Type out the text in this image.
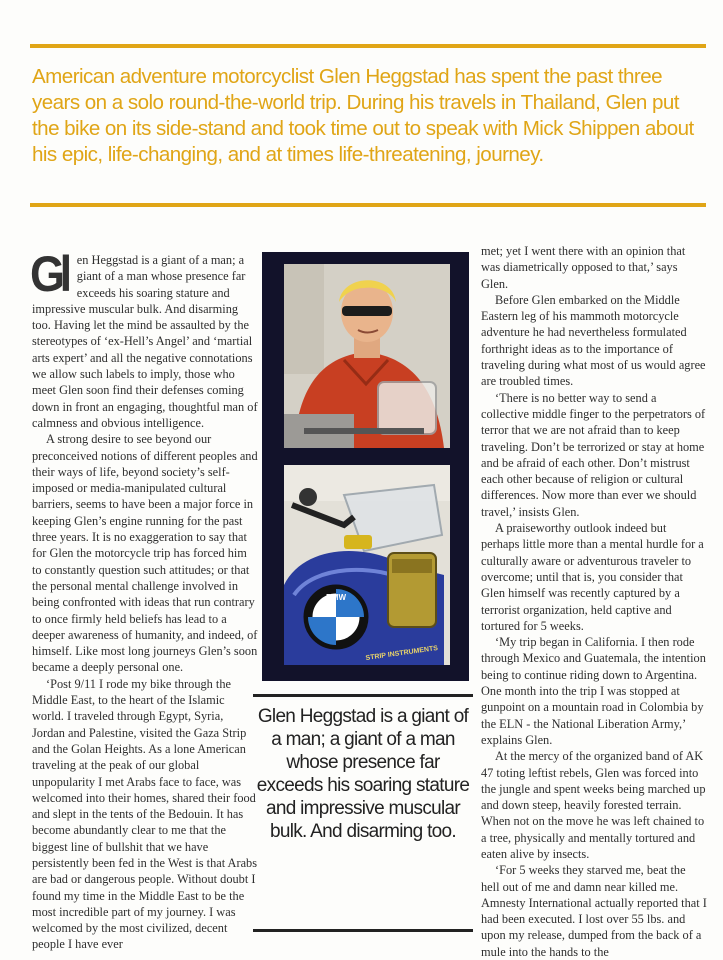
American adventure motorcyclist Glen Heggstad has spent the past three years on a solo round-the-world trip. During his travels in Thailand, Glen put the bike on its side-stand and took time out to speak with Mick Shippen about his epic, life-changing, and at times life-threatening, journey.

Gl en Heggstad is a giant of a man; a giant of a man whose presence far exceeds his soaring stature and impressive muscular bulk. And disarming too. Having let the mind be assaulted by the stereotypes of ‘ex-Hell’s Angel’ and ‘martial arts expert’ and all the negative connotations we allow such labels to imply, those who meet Glen soon find their defenses coming down in front an engaging, thoughtful man of calmness and obvious intelligence.

A strong desire to see beyond our preconceived notions of different peoples and their ways of life, beyond society’s self-imposed or media-manipulated cultural barriers, seems to have been a major force in keeping Glen’s engine running for the past three years. It is no exaggeration to say that for Glen the motorcycle trip has forced him to constantly question such attitudes; or that the personal mental challenge involved in being confronted with ideas that run contrary to once firmly held beliefs has lead to a deeper awareness of humanity, and indeed, of himself. Like most long journeys Glen’s soon became a deeply personal one.

‘Post 9/11 I rode my bike through the Middle East, to the heart of the Islamic world. I traveled through Egypt, Syria, Jordan and Palestine, visited the Gaza Strip and the Golan Heights. As a lone American traveling at the peak of our global unpopularity I met Arabs face to face, was welcomed into their homes, shared their food and slept in the tents of the Bedouin. It has become abundantly clear to me that the biggest line of bullshit that we have persistently been fed in the West is that Arabs are bad or dangerous people. Without doubt I found my time in the Middle East to be the most incredible part of my journey. I was welcomed by the most civilized, decent people I have ever

BMW
STRIP INSTRUMENTS

Glen Heggstad is a giant of a man; a giant of a man whose presence far exceeds his soaring stature and impressive muscular bulk. And disarming too.

met; yet I went there with an opinion that was diametrically opposed to that,’ says Glen.

Before Glen embarked on the Middle Eastern leg of his mammoth motorcycle adventure he had nevertheless formulated forthright ideas as to the importance of traveling during what most of us would agree are troubled times.

‘There is no better way to send a collective middle finger to the perpetrators of terror that we are not afraid than to keep traveling. Don’t be terrorized or stay at home and be afraid of each other. Don’t mistrust each other because of religion or cultural differences. Now more than ever we should travel,’ insists Glen.

A praiseworthy outlook indeed but perhaps little more than a mental hurdle for a culturally aware or adventurous traveler to overcome; until that is, you consider that Glen himself was recently captured by a terrorist organization, held captive and tortured for 5 weeks.

‘My trip began in California. I then rode through Mexico and Guatemala, the intention being to continue riding down to Argentina. One month into the trip I was stopped at gunpoint on a mountain road in Colombia by the ELN - the National Liberation Army,’ explains Glen.

At the mercy of the organized band of AK 47 toting leftist rebels, Glen was forced into the jungle and spent weeks being marched up and down steep, heavily forested terrain. When not on the move he was left chained to a tree, physically and mentally tortured and eaten alive by insects.

‘For 5 weeks they starved me, beat the hell out of me and damn near killed me. Amnesty International actually reported that I had been executed. I lost over 55 lbs. and upon my release, dumped from the back of a mule into the hands to the
